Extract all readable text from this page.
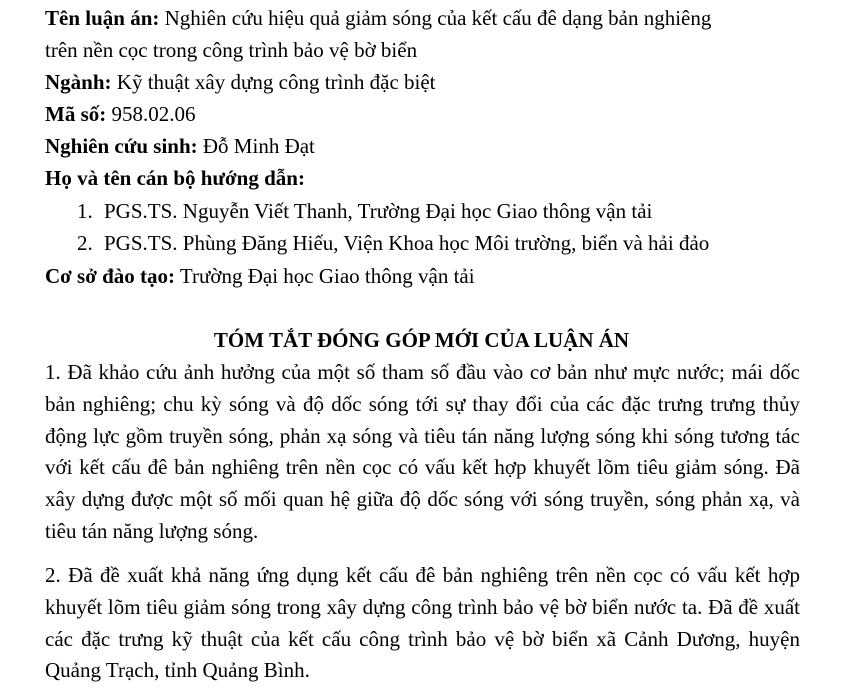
Tên luận án: Nghiên cứu hiệu quả giảm sóng của kết cấu đê dạng bản nghiêng
trên nền cọc trong công trình bảo vệ bờ biển
Ngành: Kỹ thuật xây dựng công trình đặc biệt
Mã số: 958.02.06
Nghiên cứu sinh: Đỗ Minh Đạt
Họ và tên cán bộ hướng dẫn:
1. PGS.TS. Nguyễn Viết Thanh, Trường Đại học Giao thông vận tải
2. PGS.TS. Phùng Đăng Hiếu, Viện Khoa học Môi trường, biển và hải đảo
Cơ sở đào tạo: Trường Đại học Giao thông vận tải
TÓM TẮT ĐÓNG GÓP MỚI CỦA LUẬN ÁN
1. Đã khảo cứu ảnh hưởng của một số tham số đầu vào cơ bản như mực nước; mái dốc bản nghiêng; chu kỳ sóng và độ dốc sóng tới sự thay đổi của các đặc trưng trưng thủy động lực gồm truyền sóng, phản xạ sóng và tiêu tán năng lượng sóng khi sóng tương tác với kết cấu đê bản nghiêng trên nền cọc có vấu kết hợp khuyết lõm tiêu giảm sóng. Đã xây dựng được một số mối quan hệ giữa độ dốc sóng với sóng truyền, sóng phản xạ, và tiêu tán năng lượng sóng.
2. Đã đề xuất khả năng ứng dụng kết cấu đê bản nghiêng trên nền cọc có vấu kết hợp khuyết lõm tiêu giảm sóng trong xây dựng công trình bảo vệ bờ biển nước ta. Đã đề xuất các đặc trưng kỹ thuật của kết cấu công trình bảo vệ bờ biển xã Cảnh Dương, huyện Quảng Trạch, tỉnh Quảng Bình.
